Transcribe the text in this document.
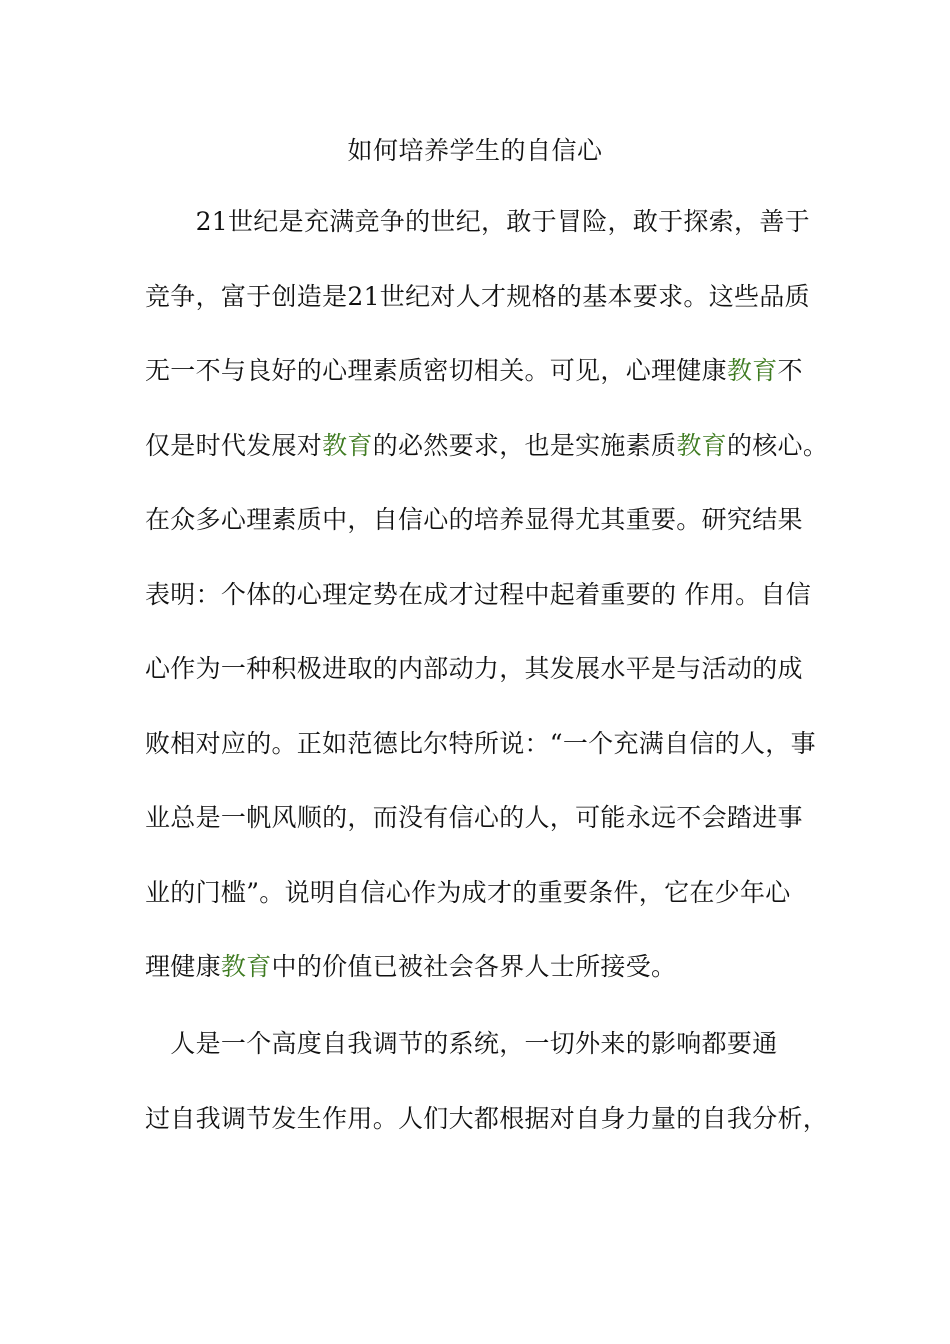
如何培养学生的自信心
　　21世纪是充满竞争的世纪，敢于冒险，敢于探索，善于
竞争，富于创造是21世纪对人才规格的基本要求。这些品质
无一不与良好的心理素质密切相关。可见，心理健康教育不
仅是时代发展对教育的必然要求，也是实施素质教育的核心。
在众多心理素质中，自信心的培养显得尤其重要。研究结果
表明：个体的心理定势在成才过程中起着重要的 作用。自信
心作为一种积极进取的内部动力，其发展水平是与活动的成
败相对应的。正如范德比尔特所说：“一个充满自信的人，事
业总是一帆风顺的，而没有信心的人，可能永远不会踏进事
业的门槛”。说明自信心作为成才的重要条件，它在少年心
理健康教育中的价值已被社会各界人士所接受。
　人是一个高度自我调节的系统，一切外来的影响都要通
过自我调节发生作用。人们大都根据对自身力量的自我分析，
